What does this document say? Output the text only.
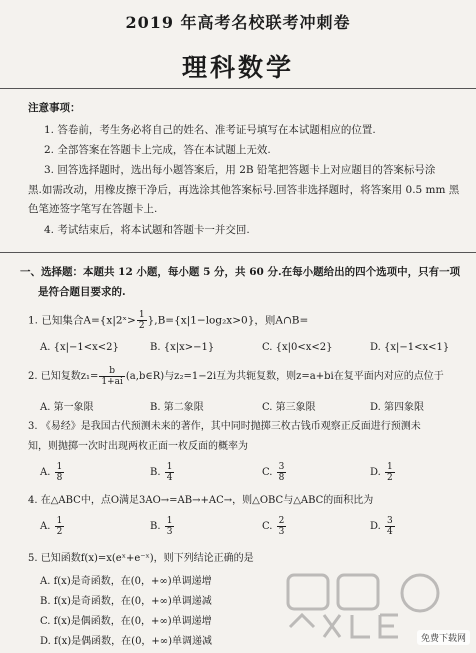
2019 年高考名校联考冲刺卷
理科数学
注意事项：
1. 答卷前，考生务必将自己的姓名、准考证号填写在本试题相应的位置.
2. 全部答案在答题卡上完成，答在本试题上无效.
3. 回答选择题时，选出每小题答案后，用 2B 铅笔把答题卡上对应题目的答案标号涂
黑.如需改动，用橡皮擦干净后，再选涂其他答案标号.回答非选择题时，将答案用 0.5 mm 黑
色笔迹签字笔写在答题卡上.
4. 考试结束后，将本试题和答题卡一并交回.
一、选择题：本题共 12 小题，每小题 5 分，共 60 分.在每小题给出的四个选项中，只有一项
是符合题目要求的.
1. 已知集合A={x|2ˣ> $\frac{1}{2} \},B=\{x|1-\log_2x>0\}$，则A∩B=
A. {x|−1<x<2}	B. {x|x>−1}	C. {x|0<x<2}	D. {x|−1<x<1}
2. 已知复数$z_1= \frac{b}{1+ai}$ (a,b∈R)与z₂=1−2i互为共轭复数，则z=a+bi在复平面内对应的点位于
A. 第一象限	B. 第二象限	C. 第三象限	D. 第四象限
3. 《易经》是我国古代预测未来的著作，其中同时抛掷三枚古钱币观察正反面进行预测未
知，则抛掷一次时出现两枚正面一枚反面的概率为
A. $\frac{1}{8}$	B. $\frac{1}{4}$	C. $\frac{3}{8}$	D. $\frac{1}{2}$
4. 在△ABC中，点O满足3AO→=AB→+AC→，则△OBC与△ABC的面积比为
A. $\frac{1}{2}$	B. $\frac{1}{3}$	C. $\frac{2}{3}$	D. $\frac{3}{4}$
5. 已知函数f(x)=x(eˣ+e⁻ˣ)，则下列结论正确的是
A. f(x)是奇函数，在(0，+∞)单调递增
B. f(x)是奇函数，在(0，+∞)单调递减
C. f(x)是偶函数，在(0，+∞)单调递增
D. f(x)是偶函数，在(0，+∞)单调递减	免费下载网
